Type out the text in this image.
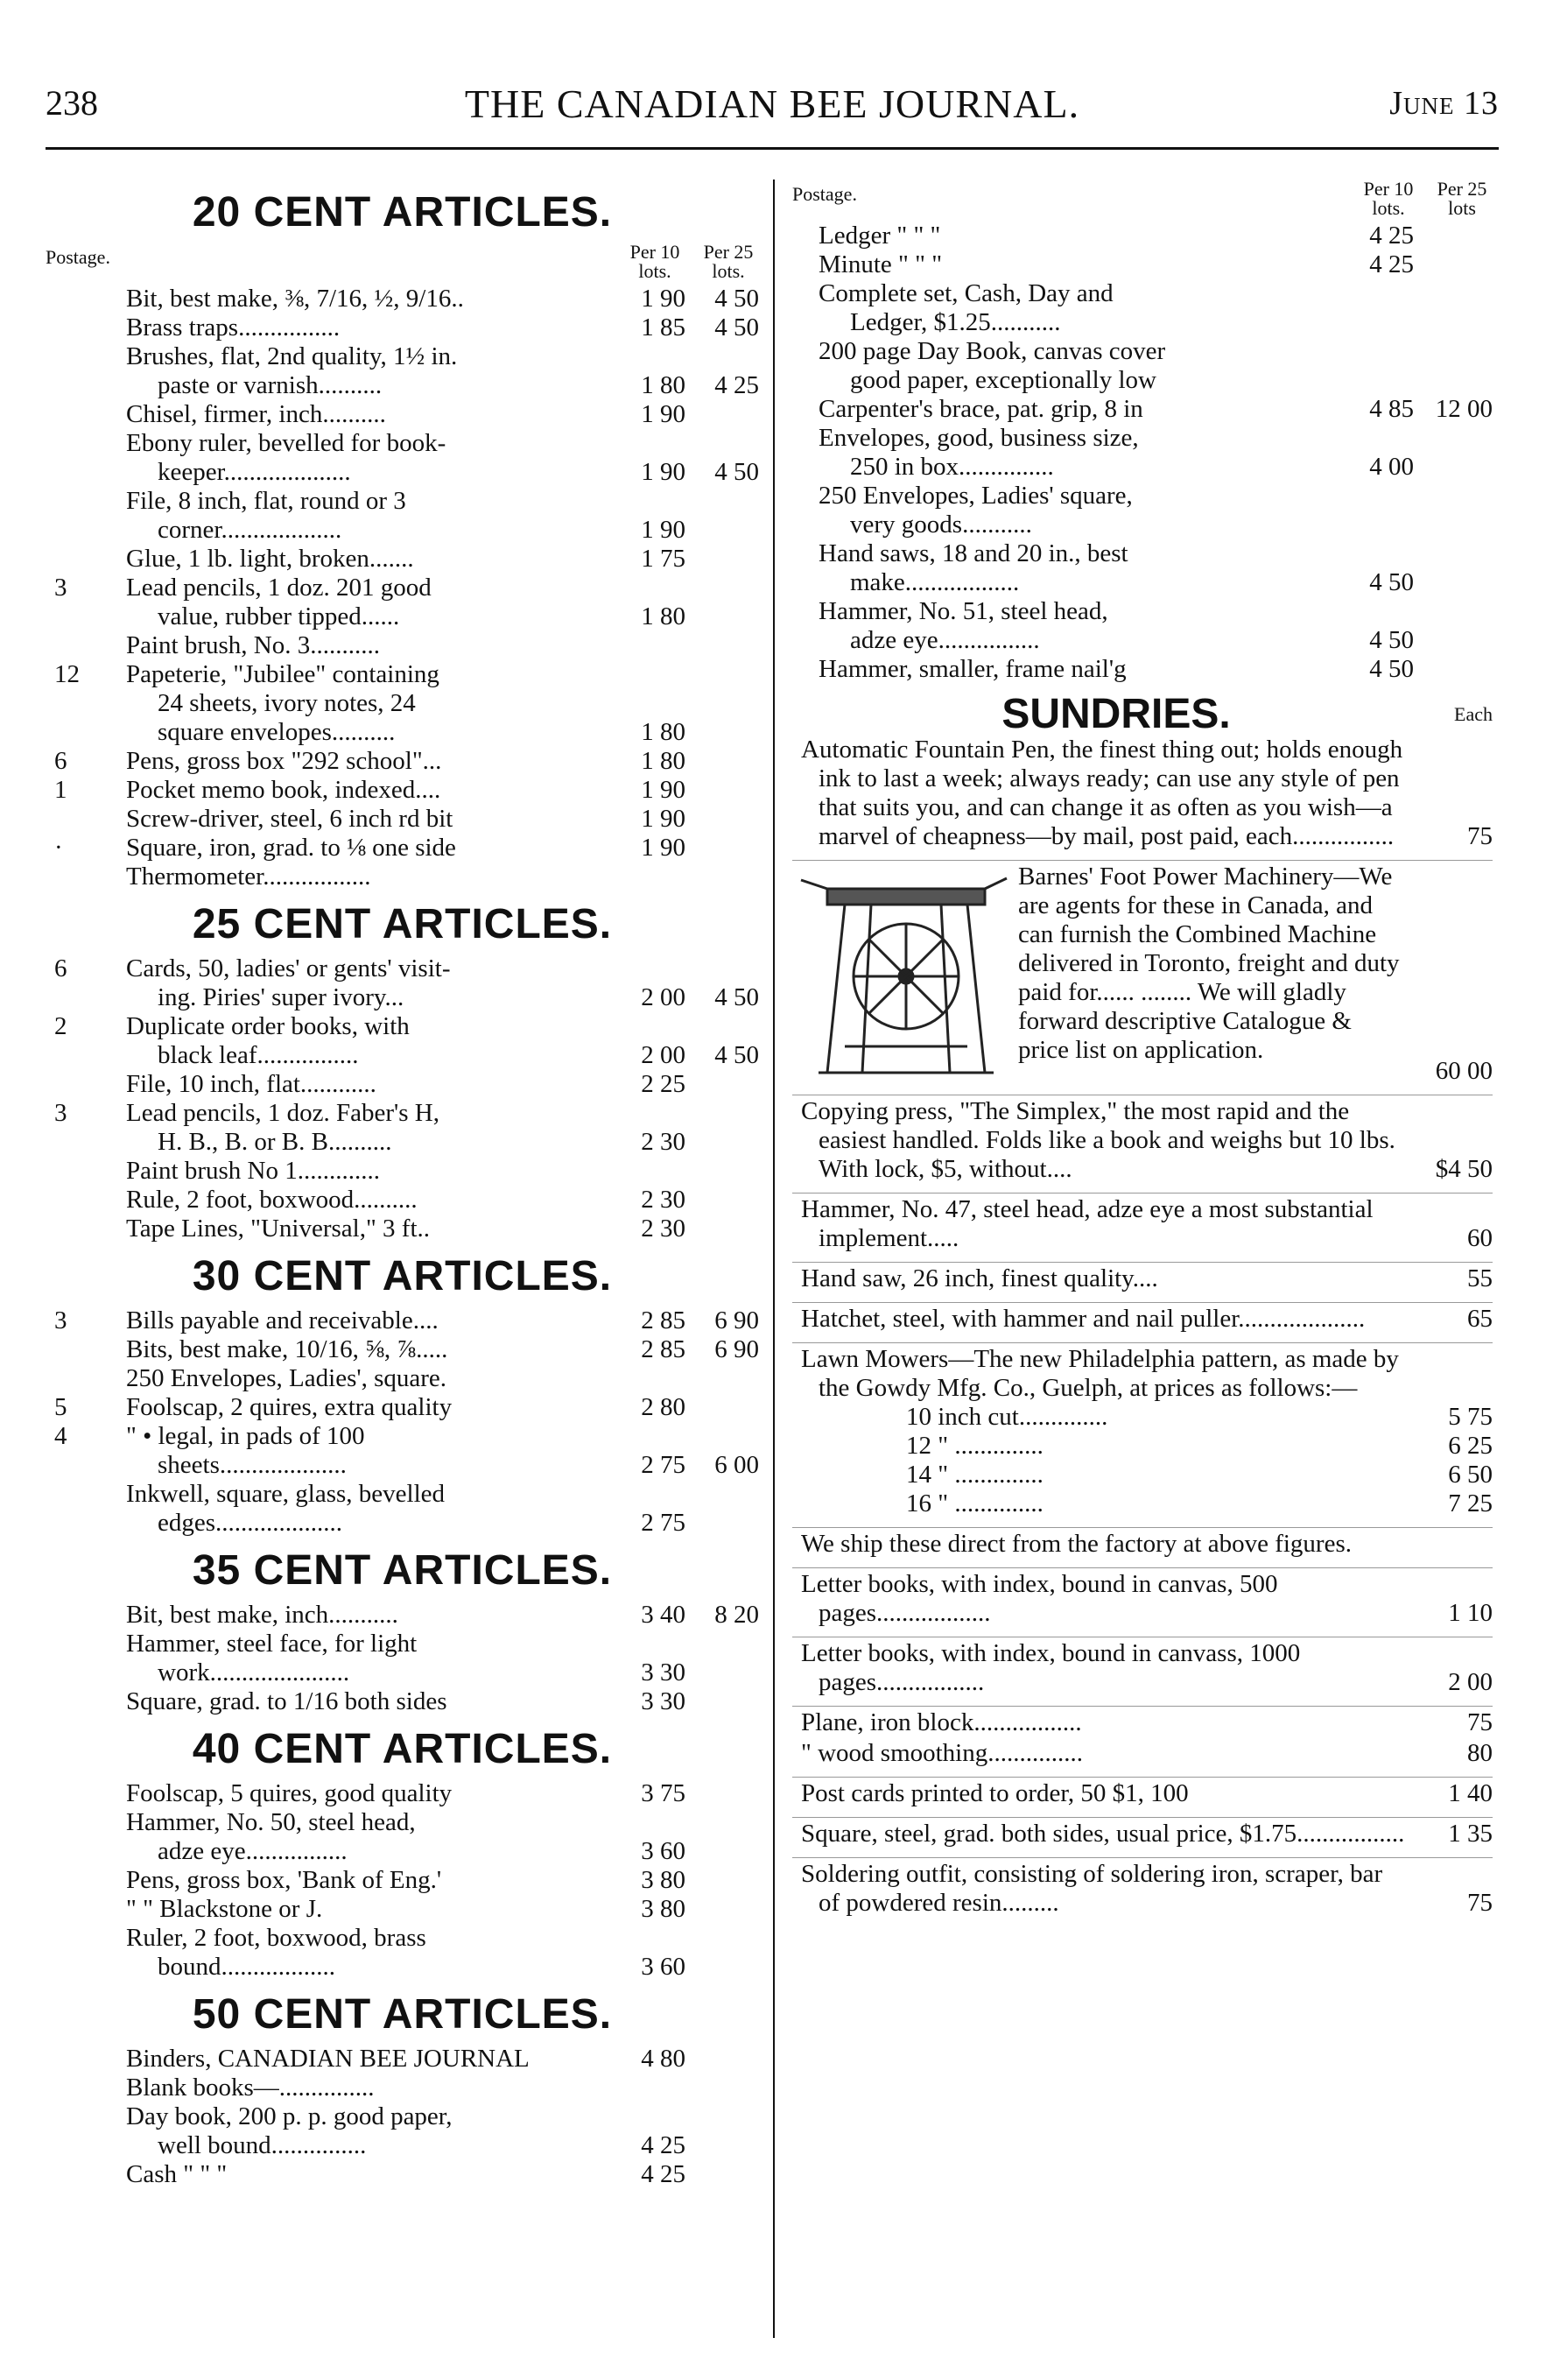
238	THE CANADIAN BEE JOURNAL.	June 13
20 CENT ARTICLES.
Postage.	Per 10 lots.
Per 25 lots.
Bit, best make, ⅜, 7/16, ½, 9/16..	1 90	4 50
Brass traps................	1 85	4 50
Brushes, flat, 2nd quality, 1½ in.
paste or varnish..........	1 80	4 25
Chisel, firmer, inch..........	1 90
Ebony ruler, bevelled for book-
keeper....................	1 90	4 50
File, 8 inch, flat, round or 3
corner...................	1 90
Glue, 1 lb. light, broken.......	1 75
3	Lead pencils, 1 doz. 201 good
value, rubber tipped......	1 80
Paint brush, No. 3...........
12	Papeterie, "Jubilee" containing
24 sheets, ivory notes, 24
square envelopes..........	1 80
6	Pens, gross box "292 school"...	1 80
1	Pocket memo book, indexed....	1 90
Screw-driver, steel, 6 inch rd bit	1 90
·	Square, iron, grad. to ⅛ one side	1 90
Thermometer.................
25 CENT ARTICLES.
6	Cards, 50, ladies' or gents' visit-
ing. Piries' super ivory...	2 00	4 50
2	Duplicate order books, with
black leaf................	2 00	4 50
File, 10 inch, flat............	2 25
3	Lead pencils, 1 doz. Faber's H,
H. B., B. or B. B..........	2 30
Paint brush No 1.............
Rule, 2 foot, boxwood..........	2 30
Tape Lines, "Universal," 3 ft..	2 30
30 CENT ARTICLES.
3	Bills payable and receivable....	2 85	6 90
Bits, best make, 10/16, ⅝, ⅞.....	2 85	6 90
250 Envelopes, Ladies', square.
5	Foolscap, 2 quires, extra quality	2 80
4	" • legal, in pads of 100
sheets....................	2 75	6 00
Inkwell, square, glass, bevelled
edges....................	2 75
35 CENT ARTICLES.
Bit, best make, inch...........	3 40	8 20
Hammer, steel face, for light
work......................	3 30
Square, grad. to 1/16 both sides	3 30
40 CENT ARTICLES.
Foolscap, 5 quires, good quality	3 75
Hammer, No. 50, steel head,
adze eye................	3 60
Pens, gross box, 'Bank of Eng.'	3 80
" " Blackstone or J.	3 80
Ruler, 2 foot, boxwood, brass
bound..................	3 60
50 CENT ARTICLES.
Binders, CANADIAN BEE JOURNAL	4 80
Blank books—...............
Day book, 200 p. p. good paper,
well bound...............	4 25
Cash " " "	4 25
Postage.	Per 10 lots.
Per 25 lots
Ledger " " "	4 25
Minute " " "	4 25
Complete set, Cash, Day and
Ledger, $1.25...........
200 page Day Book, canvas cover
good paper, exceptionally low
Carpenter's brace, pat. grip, 8 in	4 85 12 00
Envelopes, good, business size,
250 in box...............	4 00
250 Envelopes, Ladies' square,
very goods...........
Hand saws, 18 and 20 in., best
make..................	4 50
Hammer, No. 51, steel head,
adze eye................	4 50
Hammer, smaller, frame nail'g	4 50
SUNDRIES.	Each
Automatic Fountain Pen, the finest thing out; holds enough ink to last a week; always ready; can use any style of pen that suits you, and can change it as often as you wish—a marvel of cheapness—by mail, post paid, each................	75
Barnes' Foot Power Machinery—We are agents for these in Canada, and can furnish the Combined Machine delivered in Toronto, freight and duty paid for...... ........ We will gladly forward descriptive Catalogue & price list on application.
60 00
Copying press, "The Simplex," the most rapid and the easiest handled. Folds like a book and weighs but 10 lbs. With lock, $5, without....	$4 50
Hammer, No. 47, steel head, adze eye a most substantial implement.....	60
Hand saw, 26 inch, finest quality....	55
Hatchet, steel, with hammer and nail puller....................	65
Lawn Mowers—The new Philadelphia pattern, as made by the Gowdy Mfg. Co., Guelph, at prices as follows:—
10 inch cut..............	5 75
12 " ..............	6 25
14 " ..............	6 50
16 " ..............	7 25
We ship these direct from the factory at above figures.
Letter books, with index, bound in canvas, 500 pages..................	1 10
Letter books, with index, bound in canvass, 1000 pages.................	2 00
Plane, iron block.................	75
" wood smoothing...............	80
Post cards printed to order, 50 $1, 100	1 40
Square, steel, grad. both sides, usual price, $1.75.................	1 35
Soldering outfit, consisting of soldering iron, scraper, bar of powdered resin.........	75
